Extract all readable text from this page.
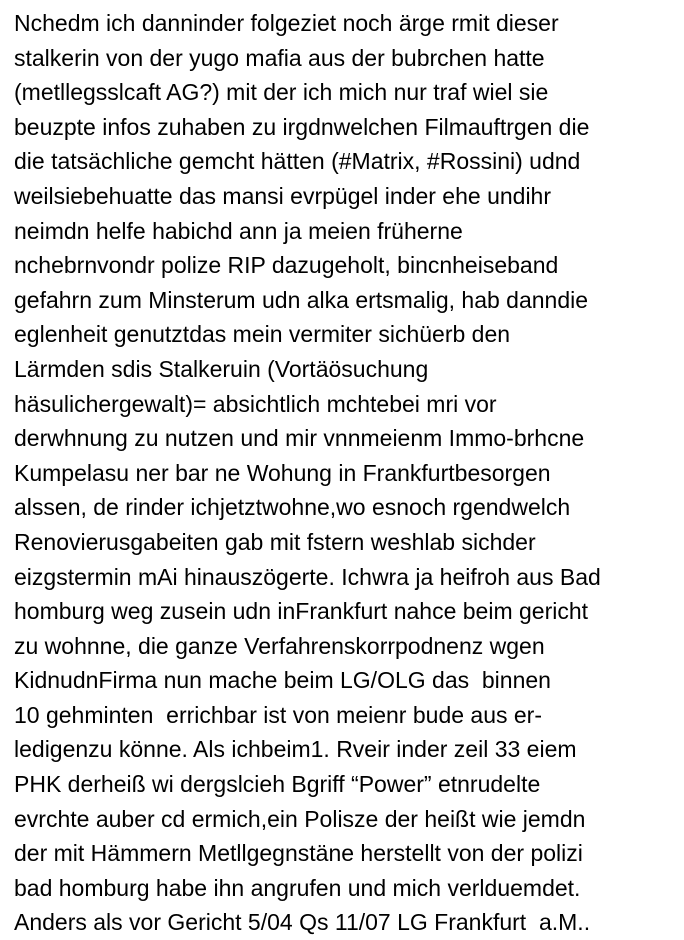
Nchedm ich danninder folgeziet noch ärge rmit dieser
stalkerin von der yugo mafia aus der bubrchen hatte
(metllegsslcaft AG?) mit der ich mich nur traf wiel sie
beuzpte infos zuhaben zu irgdnwelchen Filmauftrgen die
die tatsächliche gemcht hätten (#Matrix, #Rossini) udnd
weilsiebehuatte das mansi evrpügel inder ehe undihr
neimdn helfe habichd ann ja meien früherne
nchebrnvondr polize RIP dazugeholt, bincnheiseband
gefahrn zum Minsterum udn alka ertsmalig, hab danndie
eglenheit genutztdas mein vermiter sichüerb den
Lärmden sdis Stalkeruin (Vortäösuchung
häsulichergewalt)= absichtlich mchtebei mri vor
derwhnung zu nutzen und mir vnnmeienm Immo-brhcne
Kumpelasu ner bar ne Wohung in Frankfurtbesorgen
alssen, de rinder ichjetztwohne,wo esnoch rgendwelch
Renovierusgabeiten gab mit fstern weshlab sichder
eizgstermin mAi hinauszögerte. Ichwra ja heifroh aus Bad
homburg weg zusein udn inFrankfurt nahce beim gericht
zu wohnne, die ganze Verfahrenskorrpodnenz wgen
KidnudnFirma nun mache beim LG/OLG das  binnen
10 gehminten  errichbar ist von meienr bude aus er-
ledigenzu könne. Als ichbeim1. Rveir inder zeil 33 eiem
PHK derheiß wi dergslcieh Bgriff “Power” etnrudelte
evrchte auber cd ermich,ein Polisze der heißt wie jemdn
der mit Hämmern Metllgegnstäne herstellt von der polizi
bad homburg habe ihn angrufen und mich verlduemdet.
Anders als vor Gericht 5/04 Qs 11/07 LG Frankfurt  a.M..
